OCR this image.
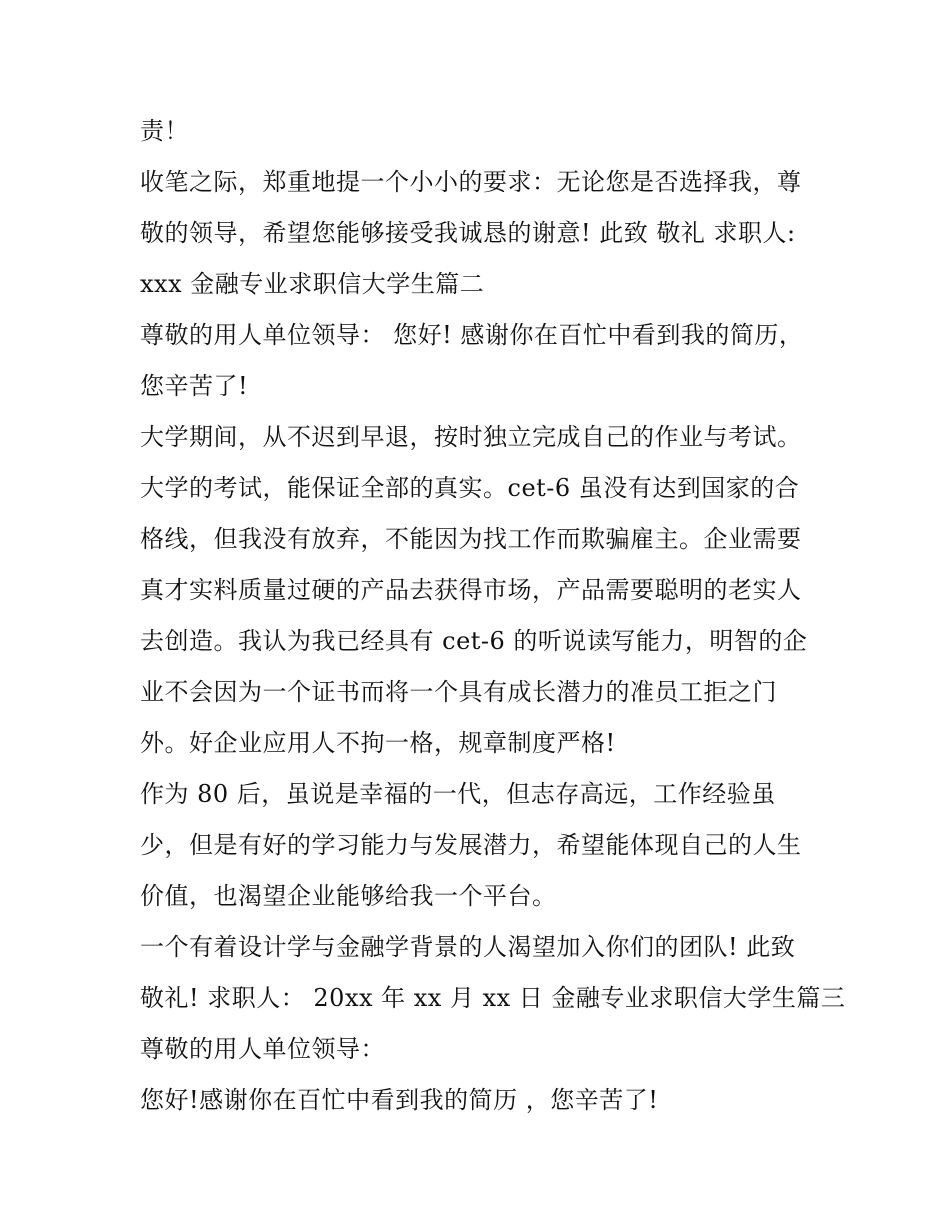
责！
收笔之际，郑重地提一个小小的要求：无论您是否选择我，尊
敬的领导，希望您能够接受我诚恳的谢意! 此致 敬礼 求职人:
xxx 金融专业求职信大学生篇二
尊敬的用人单位领导： 您好! 感谢你在百忙中看到我的简历，
您辛苦了!
大学期间，从不迟到早退，按时独立完成自己的作业与考试。
大学的考试，能保证全部的真实。cet-6 虽没有达到国家的合
格线，但我没有放弃，不能因为找工作而欺骗雇主。企业需要
真才实料质量过硬的产品去获得市场，产品需要聪明的老实人
去创造。我认为我已经具有 cet-6 的听说读写能力，明智的企
业不会因为一个证书而将一个具有成长潜力的准员工拒之门
外。好企业应用人不拘一格，规章制度严格!
作为 80 后，虽说是幸福的一代，但志存高远，工作经验虽
少，但是有好的学习能力与发展潜力，希望能体现自己的人生
价值，也渴望企业能够给我一个平台。
一个有着设计学与金融学背景的人渴望加入你们的团队! 此致
敬礼! 求职人： 20xx 年 xx 月 xx 日 金融专业求职信大学生篇三
尊敬的用人单位领导：
您好!感谢你在百忙中看到我的简历 ，您辛苦了!
